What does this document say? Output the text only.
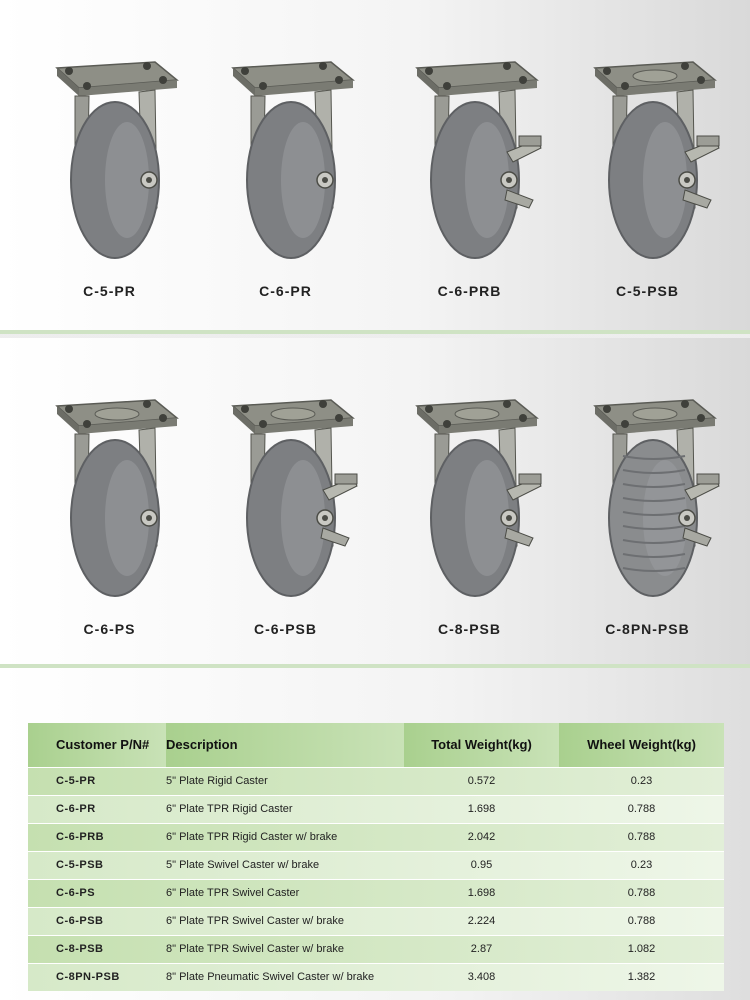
C-5-PR	C-6-PR	C-6-PRB	C-5-PSB
C-6-PS	C-6-PSB	C-8-PSB	C-8PN-PSB
Customer P/N#	Description	Total Weight(kg)	Wheel Weight(kg)
C-5-PR	5" Plate Rigid Caster	0.572	0.23
C-6-PR	6" Plate TPR Rigid Caster	1.698	0.788
C-6-PRB	6" Plate TPR Rigid Caster w/ brake	2.042	0.788
C-5-PSB	5" Plate Swivel Caster w/ brake	0.95	0.23
C-6-PS	6" Plate TPR Swivel Caster	1.698	0.788
C-6-PSB	6" Plate TPR Swivel Caster w/ brake	2.224	0.788
C-8-PSB	8" Plate TPR Swivel Caster w/ brake	2.87	1.082
C-8PN-PSB	8" Plate Pneumatic Swivel Caster w/ brake	3.408	1.382
